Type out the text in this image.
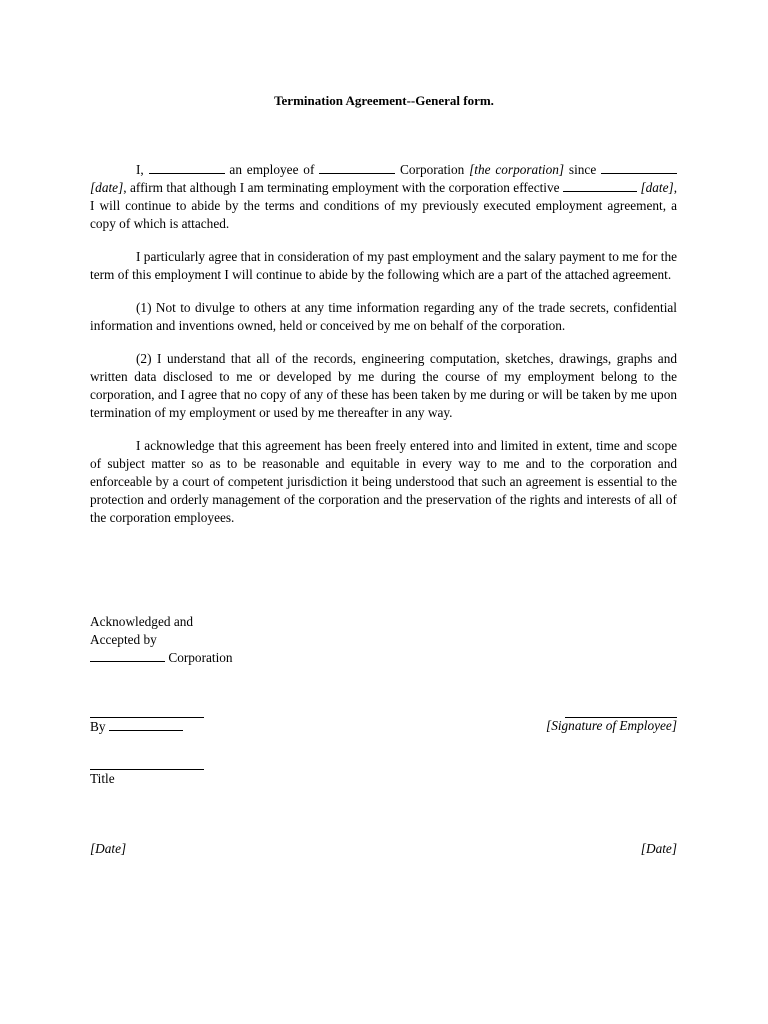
Termination Agreement--General form.

I,	an employee of	Corporation [the corporation] since  [date], affirm that although I am terminating employment with the corporation effective	[date], I will continue to abide by the terms and conditions of my previously executed employment agreement, a copy of which is attached.

I particularly agree that in consideration of my past employment and the salary payment to me for the term of this employment I will continue to abide by the following which are a part of the attached agreement.

(1) Not to divulge to others at any time information regarding any of the trade secrets, confidential information and inventions owned, held or conceived by me on behalf of the corporation.

(2) I understand that all of the records, engineering computation, sketches, drawings, graphs and written data disclosed to me or developed by me during the course of my employment belong to the corporation, and I agree that no copy of any of these has been taken by me during or will be taken by me upon termination of my employment or used by me thereafter in any way.

I acknowledge that this agreement has been freely entered into and limited in extent, time and scope of subject matter so as to be reasonable and equitable in every way to me and to the corporation and enforceable by a court of competent jurisdiction it being understood that such an agreement is essential to the protection and orderly management of the corporation and the preservation of the rights and interests of all of the corporation employees.

Acknowledged and
Accepted by
Corporation
By	[Signature of Employee]
Title
[Date]	[Date]
